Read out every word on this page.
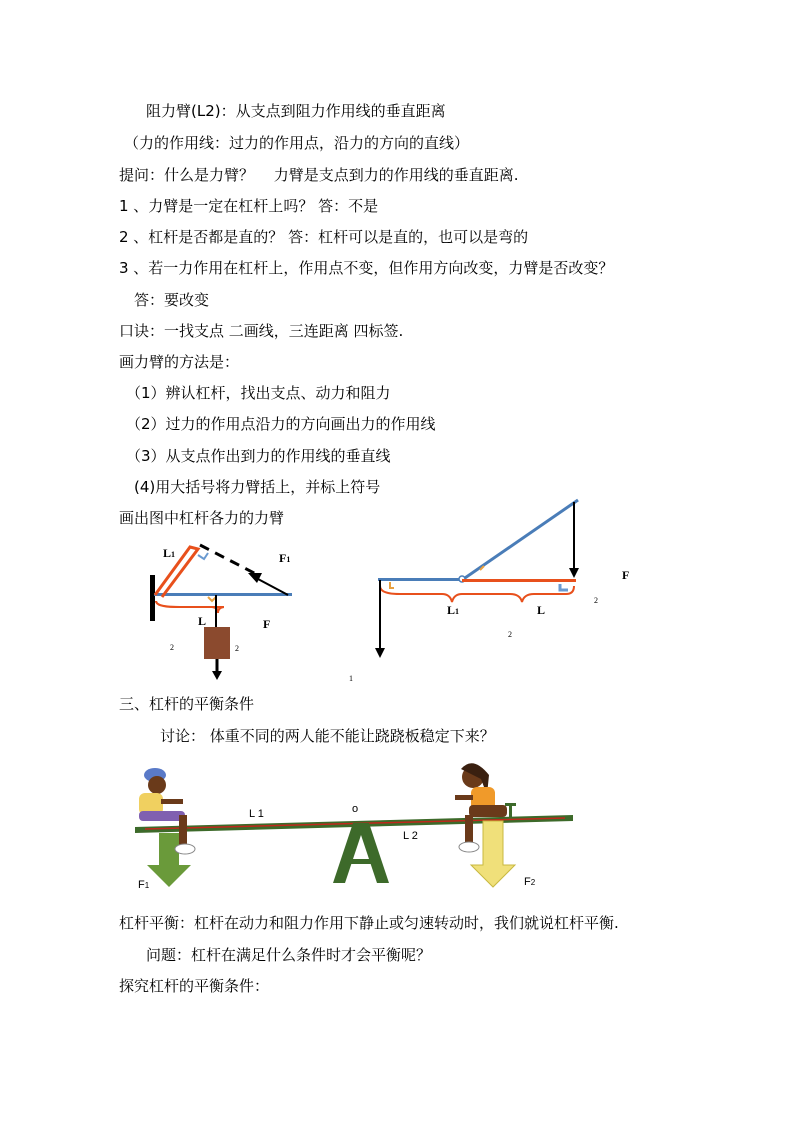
阻力臂(L2)：从支点到阻力作用线的垂直距离
（力的作用线：过力的作用点，沿力的方向的直线）
提问：什么是力臂？　 力臂是支点到力的作用线的垂直距离.
1 、力臂是一定在杠杆上吗？ 答：不是
2 、杠杆是否都是直的？ 答：杠杆可以是直的，也可以是弯的
3 、若一力作用在杠杆上，作用点不变，但作用方向改变，力臂是否改变？
答：要改变
口诀：一找支点 二画线，三连距离 四标签.
画力臂的方法是：
（1）辨认杠杆，找出支点、动力和阻力
（2）过力的作用点沿力的方向画出力的作用线
（3）从支点作出到力的作用线的垂直线
(4)用大括号将力臂括上，并标上符号
画出图中杠杆各力的力臂
L1	F1
L	F
2	2
F
2
L1	L
2
1
三、杠杆的平衡条件
讨论： 体重不同的两人能不能让跷跷板稳定下来？
L 1	o
L 2
F1	F2
杠杆平衡：杠杆在动力和阻力作用下静止或匀速转动时，我们就说杠杆平衡.
问题：杠杆在满足什么条件时才会平衡呢？
探究杠杆的平衡条件：
